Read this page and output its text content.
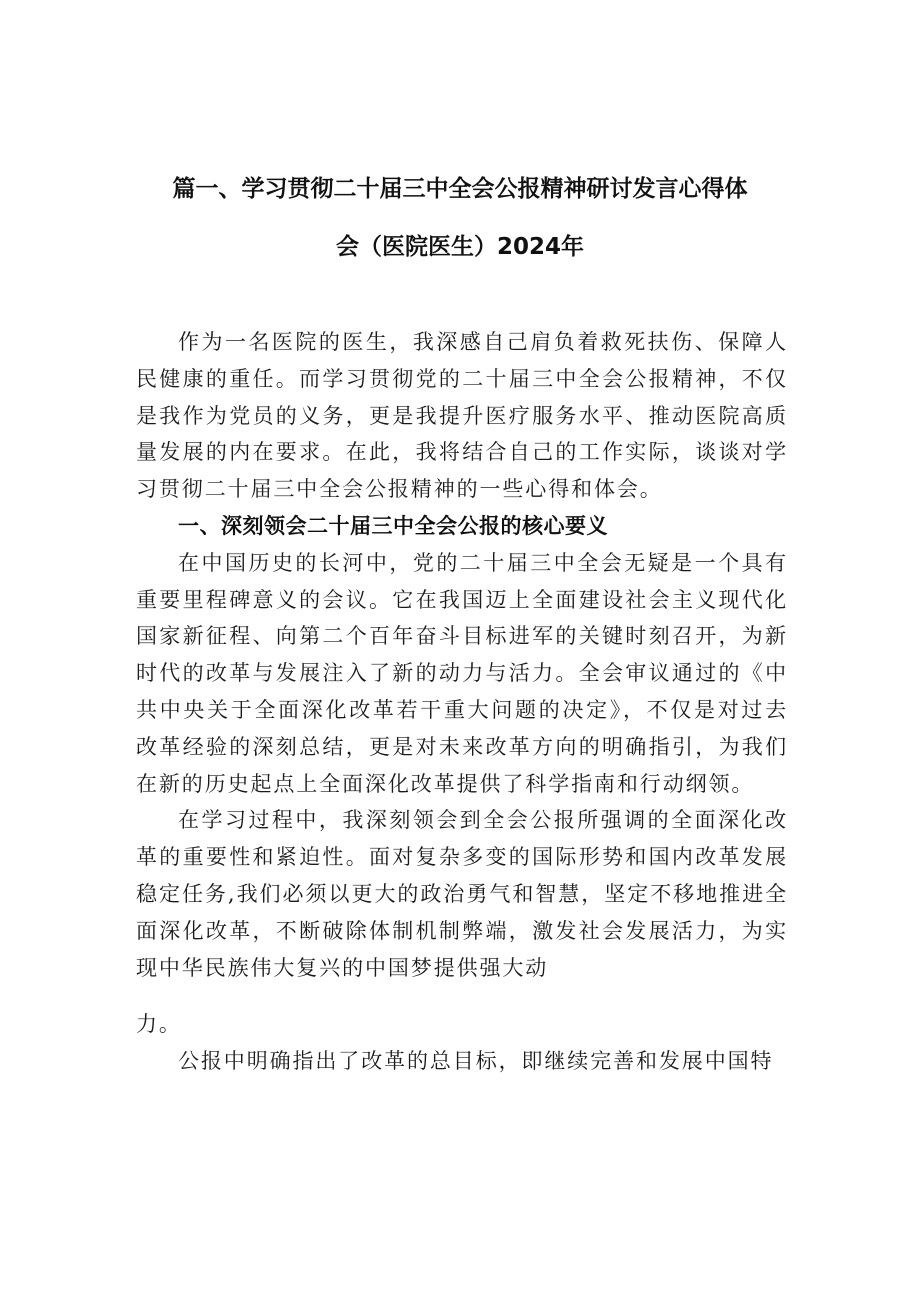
篇一、学习贯彻二十届三中全会公报精神研讨发言心得体
会（医院医生）2024年

作为一名医院的医生，我深感自己肩负着救死扶伤、保障人民健康的重任。而学习贯彻党的二十届三中全会公报精神，不仅是我作为党员的义务，更是我提升医疗服务水平、推动医院高质量发展的内在要求。在此，我将结合自己的工作实际，谈谈对学习贯彻二十届三中全会公报精神的一些心得和体会。

一、深刻领会二十届三中全会公报的核心要义

在中国历史的长河中，党的二十届三中全会无疑是一个具有重要里程碑意义的会议。它在我国迈上全面建设社会主义现代化国家新征程、向第二个百年奋斗目标进军的关键时刻召开，为新时代的改革与发展注入了新的动力与活力。全会审议通过的《中共中央关于全面深化改革若干重大问题的决定》，不仅是对过去改革经验的深刻总结，更是对未来改革方向的明确指引，为我们在新的历史起点上全面深化改革提供了科学指南和行动纲领。

在学习过程中，我深刻领会到全会公报所强调的全面深化改革的重要性和紧迫性。面对复杂多变的国际形势和国内改革发展稳定任务,我们必须以更大的政治勇气和智慧，坚定不移地推进全面深化改革，不断破除体制机制弊端，激发社会发展活力，为实现中华民族伟大复兴的中国梦提供强大动

力。

公报中明确指出了改革的总目标，即继续完善和发展中国特
